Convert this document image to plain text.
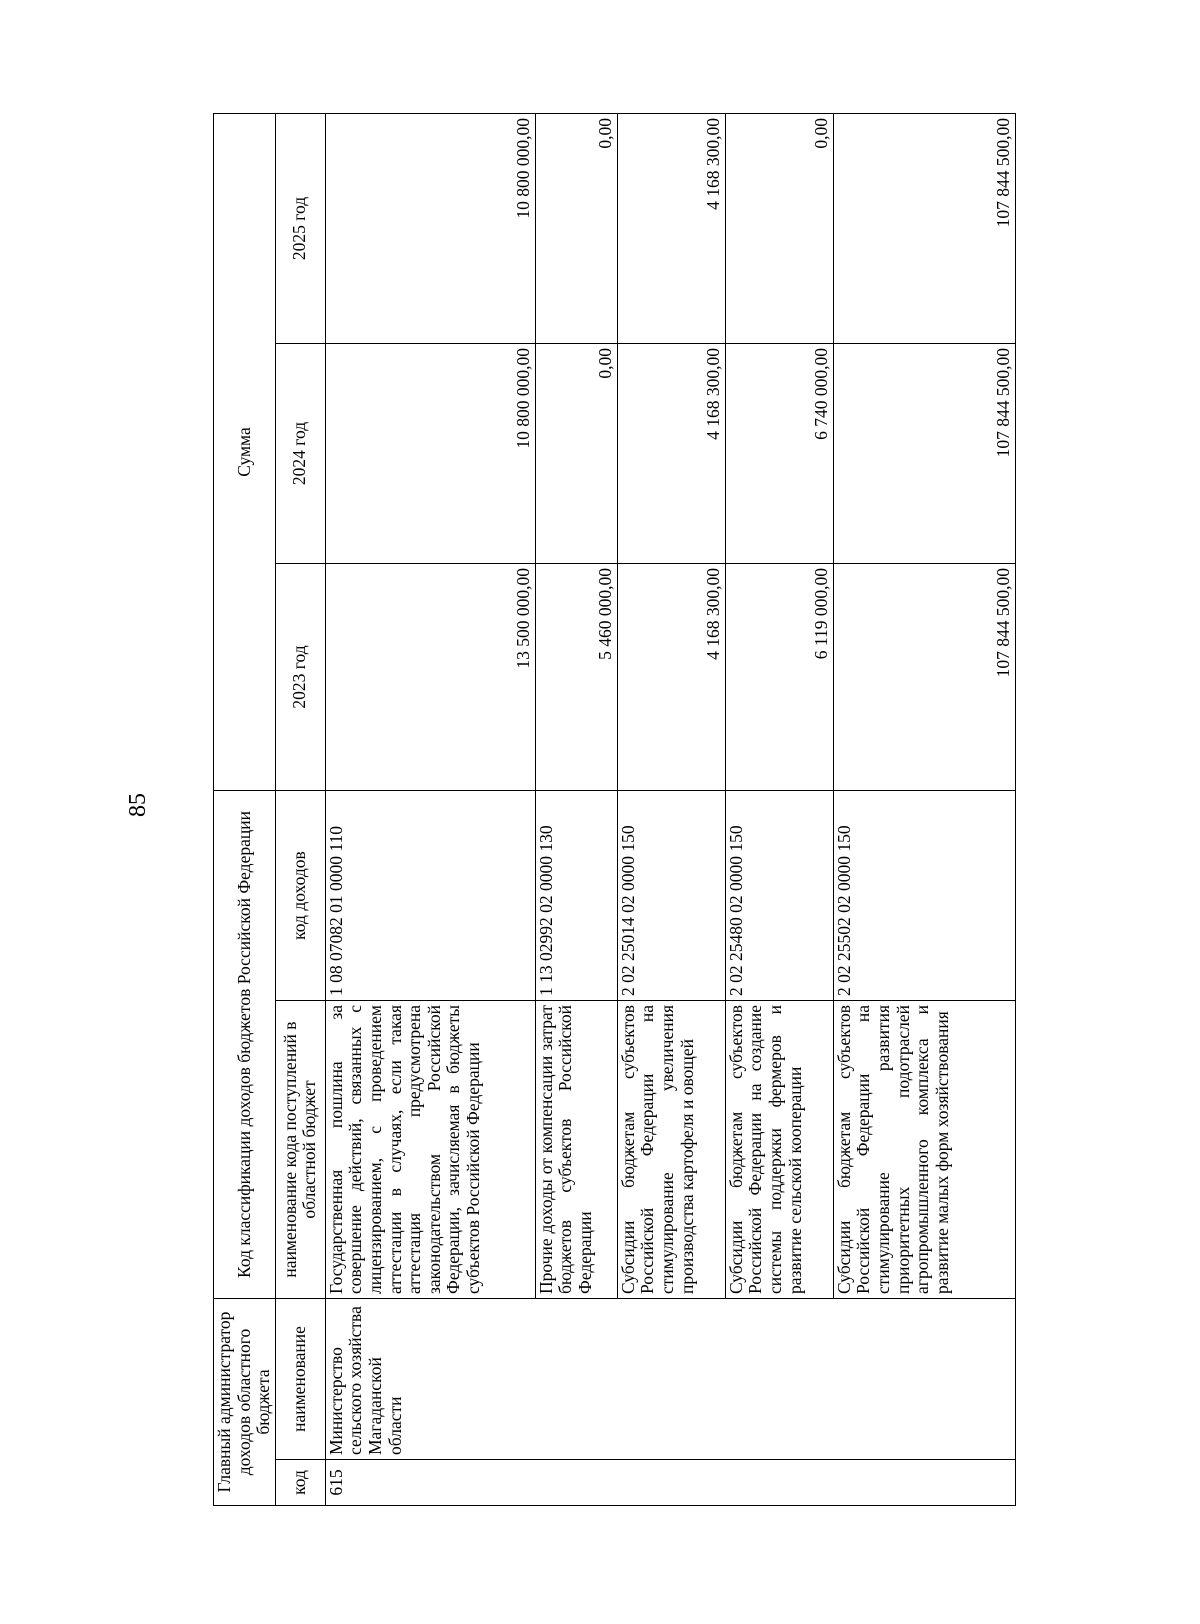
85
Главный администратор доходов областного бюджета		Код классификации доходов бюджетов Российской Федерации		Сумма		
код	наименование	наименование кода поступлений в областной бюджет	код доходов	2023 год	2024 год	2025 год
615	Министерство сельского хозяйства Магаданской области	Государственная пошлина за совершение действий, связанных с лицензированием, с проведением аттестации в случаях, если такая аттестация предусмотрена законодательством Российской Федерации, зачисляемая в бюджеты субъектов Российской Федерации	1 08 07082 01 0000 110	13 500 000,00	10 800 000,00	10 800 000,00
		Прочие доходы от компенсации затрат бюджетов субъектов Российской Федерации	1 13 02992 02 0000 130	5 460 000,00	0,00	0,00
		Субсидии бюджетам субъектов Российской Федерации на стимулирование увеличения производства картофеля и овощей	2 02 25014 02 0000 150	4 168 300,00	4 168 300,00	4 168 300,00
		Субсидии бюджетам субъектов Российской Федерации на создание системы поддержки фермеров и развитие сельской кооперации	2 02 25480 02 0000 150	6 119 000,00	6 740 000,00	0,00
		Субсидии бюджетам субъектов Российской Федерации на стимулирование развития приоритетных подотраслей агропромышленного комплекса и развитие малых форм хозяйствования	2 02 25502 02 0000 150	107 844 500,00	107 844 500,00	107 844 500,00
